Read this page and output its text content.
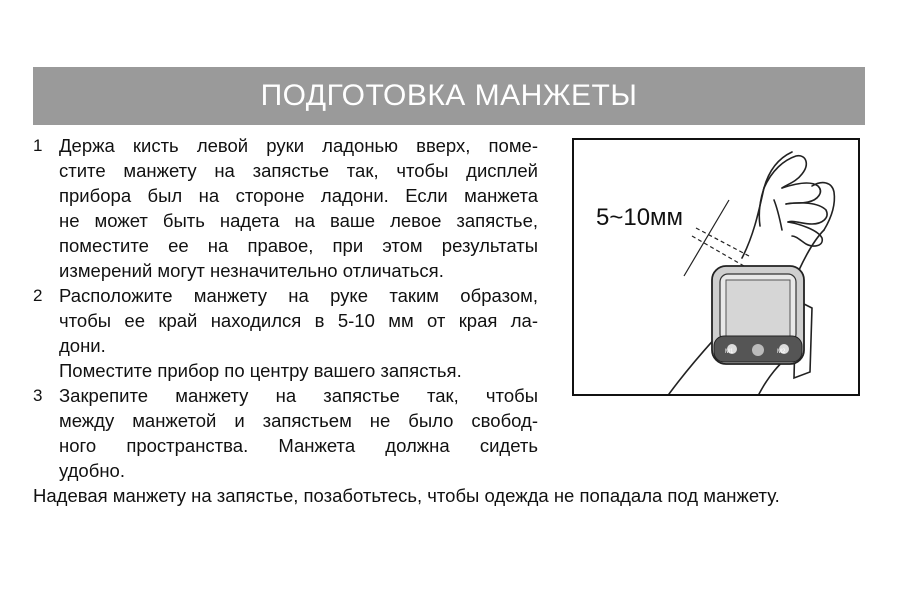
ПОДГОТОВКА МАНЖЕТЫ
1 Держа кисть левой руки ладонью вверх, поме-
стите манжету на запястье так, чтобы дисплей
прибора был на стороне ладони. Если манжета
не может быть надета на ваше левое запястье,
поместите ее на правое, при этом результаты
измерений могут незначительно отличаться.
2 Расположите манжету на руке таким образом,
чтобы ее край находился в 5-10 мм от края ла-
дони.
Поместите прибор по центру вашего запястья.
3 Закрепите манжету на запястье так, чтобы
между манжетой и запястьем не было свобод-
ного пространства. Манжета должна сидеть
удобно.
Надевая манжету на запястье, позаботьтесь, чтобы одежда не попадала под манжету.
M1	M2
5~10мм
